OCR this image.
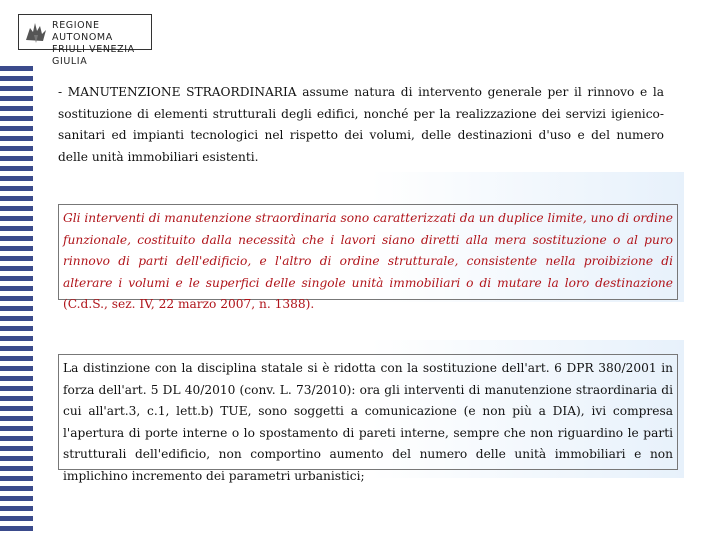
REGIONE AUTONOMA
FRIULI VENEZIA GIULIA
- MANUTENZIONE STRAORDINARIA assume natura di intervento generale per il rinnovo e la sostituzione di elementi strutturali degli edifici, nonché per la realizzazione dei servizi igienico-sanitari ed impianti tecnologici nel rispetto dei volumi, delle destinazioni d'uso e del numero delle unità immobiliari esistenti.
Gli interventi di manutenzione straordinaria sono caratterizzati da un duplice limite, uno di ordine funzionale, costituito dalla necessità che i lavori siano diretti alla mera sostituzione o al puro rinnovo di parti dell'edificio, e l'altro di ordine strutturale, consistente nella proibizione di alterare i volumi e le superfici delle singole unità immobiliari o di mutare la loro destinazione (C.d.S., sez. IV, 22 marzo 2007, n. 1388).
La distinzione con la disciplina statale si è ridotta con la sostituzione dell'art. 6 DPR 380/2001 in forza dell'art. 5 DL 40/2010 (conv. L. 73/2010): ora gli interventi di manutenzione straordinaria di cui all'art.3, c.1, lett.b) TUE, sono soggetti a comunicazione (e non più a DIA), ivi compresa l'apertura di porte interne o lo spostamento di pareti interne, sempre che non riguardino le parti strutturali dell'edificio, non comportino aumento del numero delle unità immobiliari e non implichino incremento dei parametri urbanistici;
